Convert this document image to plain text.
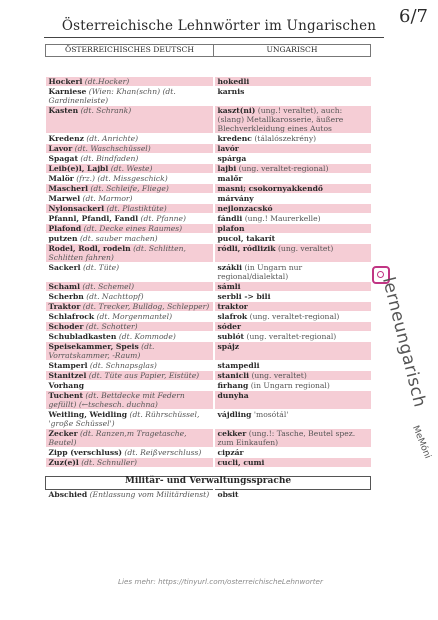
6/7
Österreichische Lehnwörter im Ungarischen
ÖSTERREICHISCHES DEUTSCH	UNGARISCH

Hockerl (dt.Hocker)	hokedli
Karniese (Wien: Khan(schn) (dt. Gardinenleiste)	karnis
Kasten (dt. Schrank)	kaszt(ni) (ung.! veraltet), auch: (slang) Metallkarosserie, äußere Blechverkleidung eines Autos
Kredenz (dt. Anrichte)	kredenc (tálalószekrény)
Lavor (dt. Waschschüssel)	lavór
Spagat (dt. Bindfaden)	spárga
Leib(e)l, Lajbl (dt. Weste)	lajbi (ung. veraltet-regional)
Malör (frz.) (dt. Missgeschick)	malőr
Mascherl (dt. Schleife, Fliege)	masni; csokornyakkendő
Marwel (dt. Marmor)	márvány
Nylonsackerl (dt. Plastiktüte)	nejlonzacskó
Pfannl, Pfandl, Fandl (dt. Pfanne)	fándli (ung.! Maurerkelle)
Plafond (dt. Decke eines Raumes)	plafon
putzen (dt. sauber machen)	pucol, takarít
Rodel, Rodl, rodeln (dt. Schlitten, Schlitten fahren)	ródli, ródlizik (ung. veraltet)
Sackerl (dt. Tüte)	szákli (in Ungarn nur regional/dialektal)
Schaml (dt. Schemel)	sámli
Scherbn (dt. Nachttopf)	serbli -> bili
Traktor (dt. Trecker, Bulldog, Schlepper)	traktor
Schlafrock (dt. Morgenmantel)	slafrok (ung. veraltet-regional)
Schoder (dt. Schotter)	sóder
Schubladkasten (dt. Kommode)	sublót (ung. veraltet-regional)
Speisekammer, Speis (dt. Vorratskammer, -Raum)	spájz
Stamperl (dt. Schnapsglas)	stampedli
Stanitzel (dt. Tüte aus Papier, Eistüte)	stanicli (ung. veraltet)
Vorhang	firhang (in Ungarn regional)
Tuchent (dt. Bettdecke mit Federn gefüllt) (←tschesch. duchna)	dunyha
Weitling, Weidling (dt. Rührschüssel, 'große Schüssel')	vájdling 'mosótál'
Zecker (dt. Ranzen,m Tragetasche, Beutel)	cekker (ung.!: Tasche, Beutel spez. zum Einkaufen)
Zipp (verschluss) (dt. Reißverschluss)	cipzár
Zuz(e)l (dt. Schnuller)	cucli, cumi

Militär- und Verwaltungssprache	
Abschied (Entlassung vom Militärdienst)	obsit
lerneungarisch
MeMóni
Lies mehr: https://tinyurl.com/osterreichischeLehnworter
